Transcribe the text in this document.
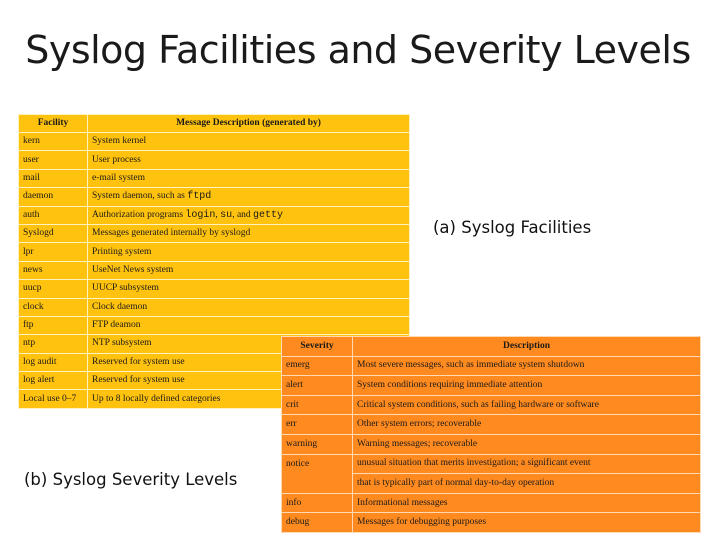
Syslog Facilities and Severity Levels
Facility	Message Description (generated by)
kern	System kernel
user	User process
mail	e-mail system
daemon	System daemon, such as ftpd
auth	Authorization programs login, su, and getty
Syslogd	Messages generated internally by syslogd
lpr	Printing system
news	UseNet News system
uucp	UUCP subsystem
clock	Clock daemon
ftp	FTP deamon
ntp	NTP subsystem
log audit	Reserved for system use
log alert	Reserved for system use
Local use 0–7	Up to 8 locally defined categories
(a) Syslog Facilities
Severity	Description
emerg	Most severe messages, such as immediate system shutdown
alert	System conditions requiring immediate attention
crit	Critical system conditions, such as failing hardware or software
err	Other system errors; recoverable
warning	Warning messages; recoverable
notice	unusual situation that merits investigation; a significant event
	that is typically part of normal day-to-day operation
info	Informational messages
debug	Messages for debugging purposes
(b) Syslog Severity Levels
